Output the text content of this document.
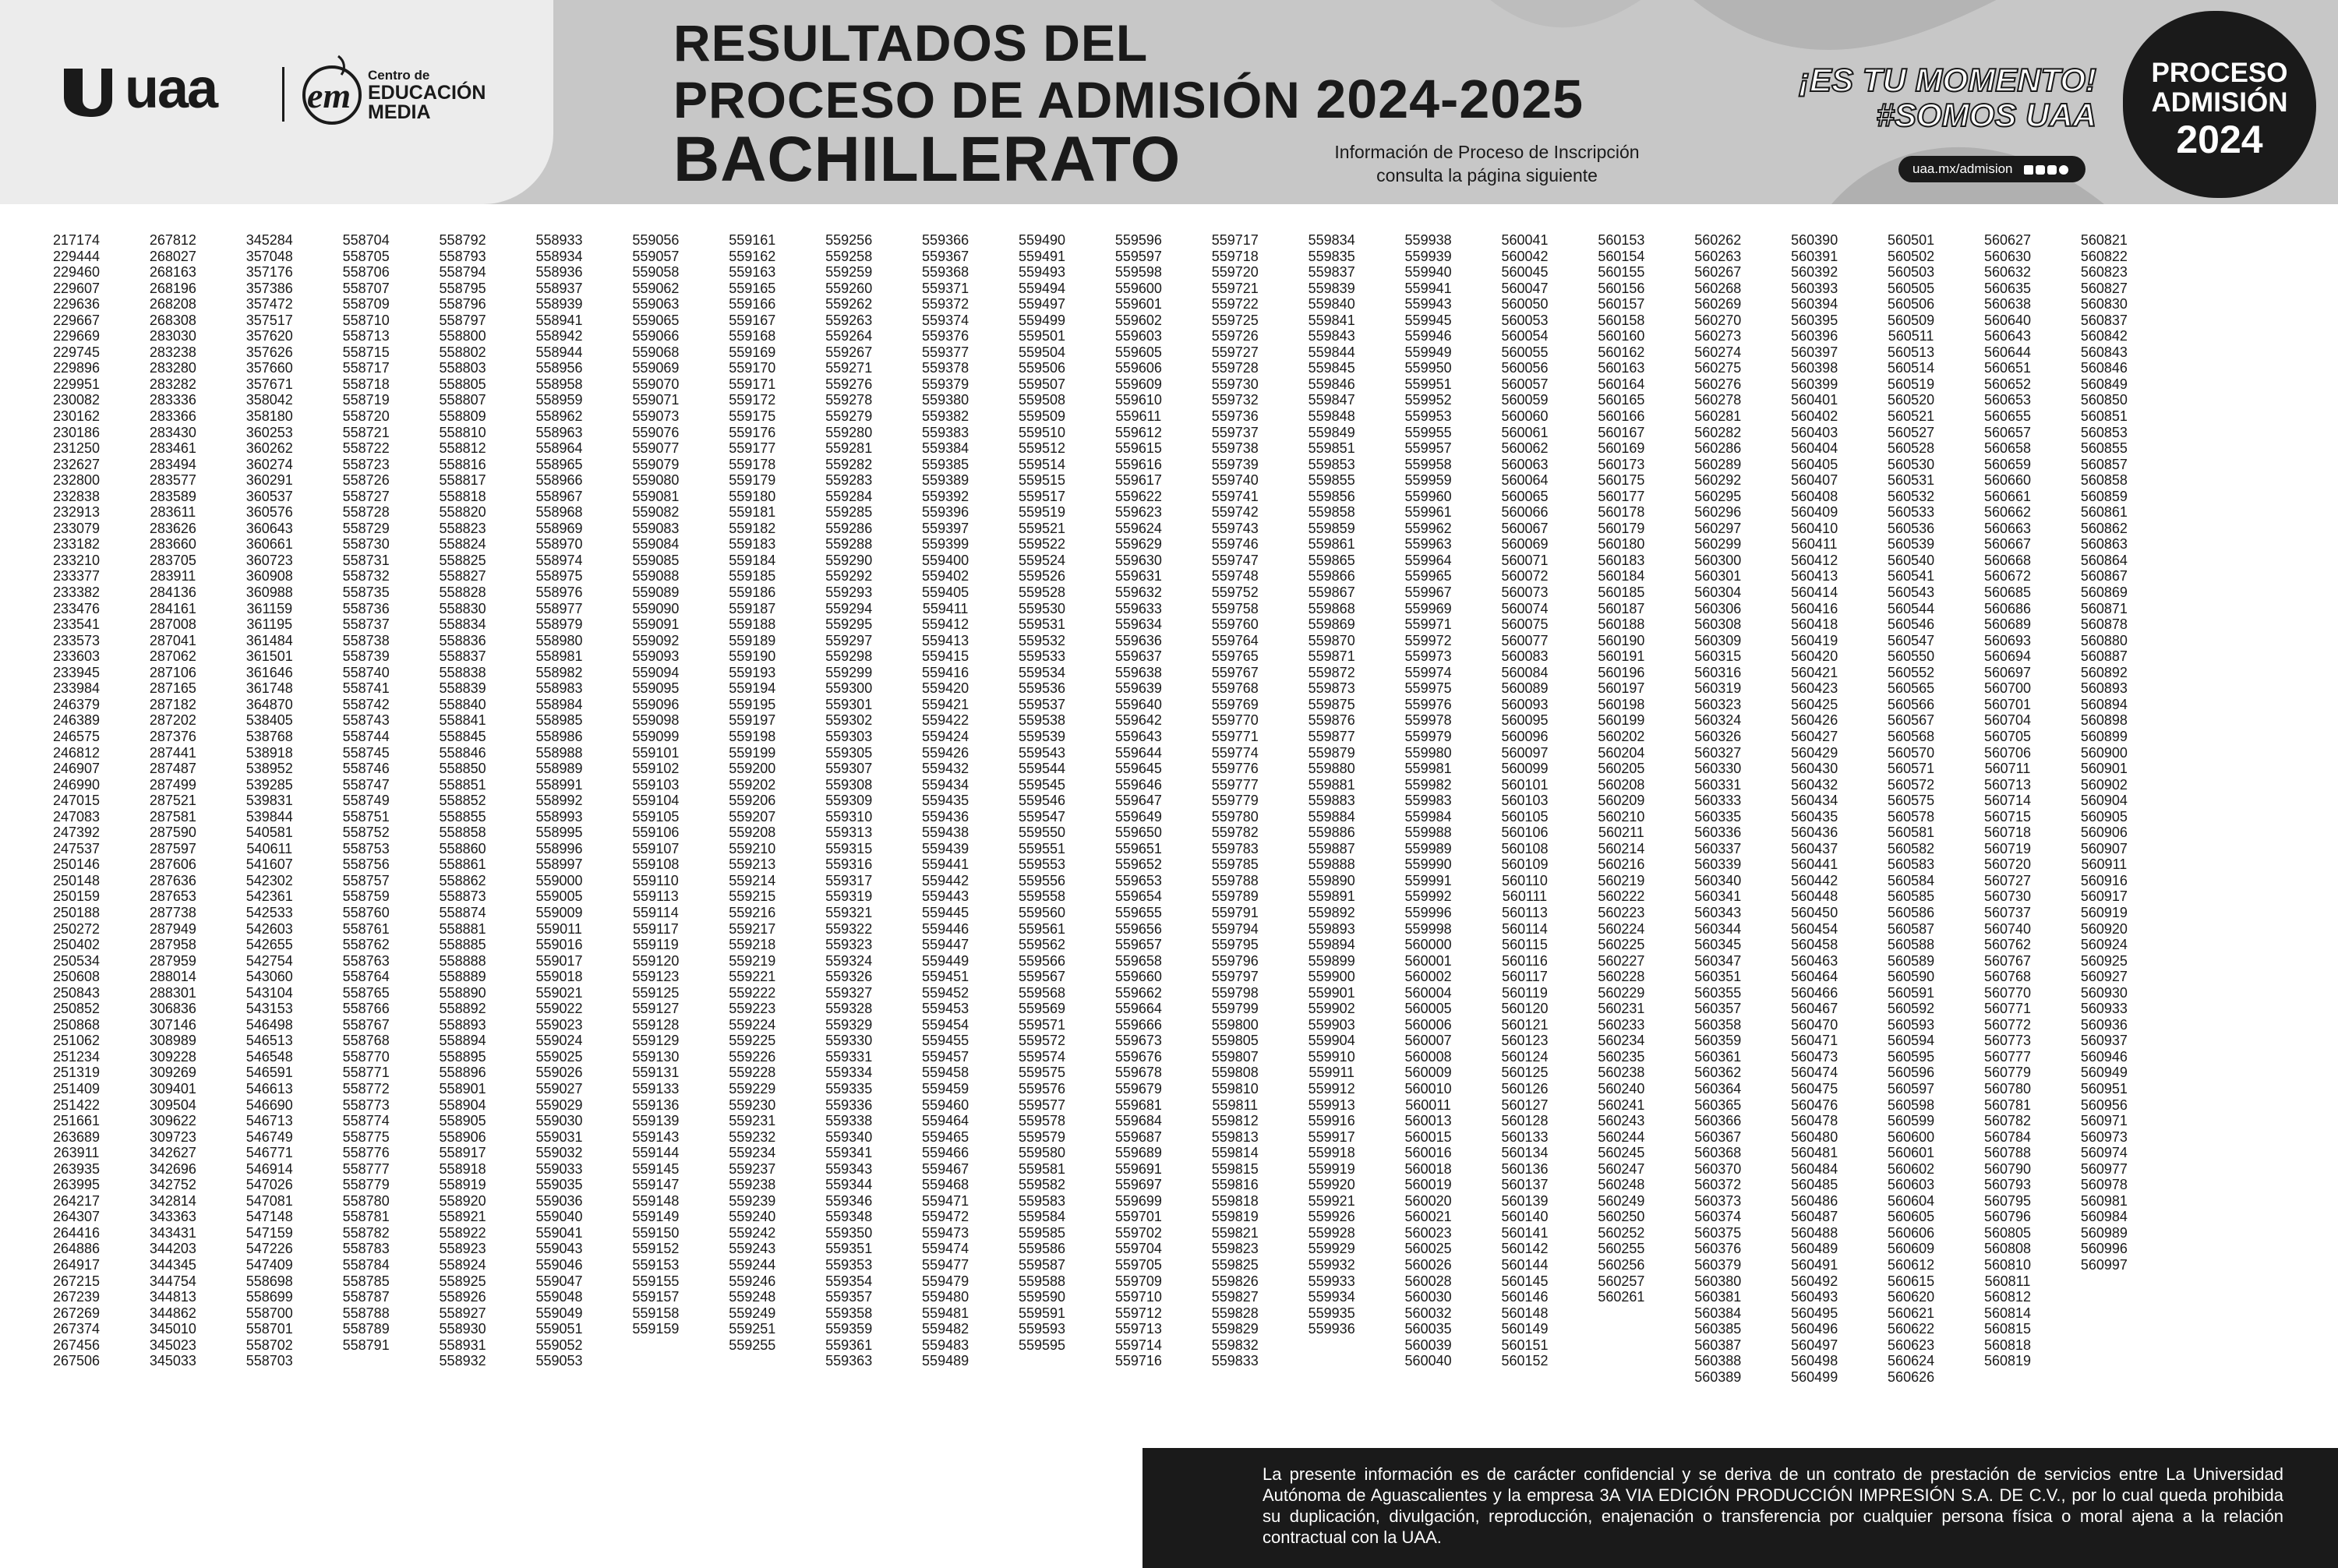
uaa	em
Centro de
EDUCACIÓN
MEDIA
RESULTADOS DEL
PROCESO DE ADMISIÓN 2024-2025
BACHILLERATO	Información de Proceso de Inscripción
consulta la página siguiente
¡ES TU MOMENTO!
#SOMOS UAA
uaa.mx/admision
PROCESO
ADMISIÓN
2024
217174
229444
229460
229607
229636
229667
229669
229745
229896
229951
230082
230162
230186
231250
232627
232800
232838
232913
233079
233182
233210
233377
233382
233476
233541
233573
233603
233945
233984
246379
246389
246575
246812
246907
246990
247015
247083
247392
247537
250146
250148
250159
250188
250272
250402
250534
250608
250843
250852
250868
251062
251234
251319
251409
251422
251661
263689
263911
263935
263995
264217
264307
264416
264886
264917
267215
267239
267269
267374
267456
267506
267812
268027
268163
268196
268208
268308
283030
283238
283280
283282
283336
283366
283430
283461
283494
283577
283589
283611
283626
283660
283705
283911
284136
284161
287008
287041
287062
287106
287165
287182
287202
287376
287441
287487
287499
287521
287581
287590
287597
287606
287636
287653
287738
287949
287958
287959
288014
288301
306836
307146
308989
309228
309269
309401
309504
309622
309723
342627
342696
342752
342814
343363
343431
344203
344345
344754
344813
344862
345010
345023
345033
345284
357048
357176
357386
357472
357517
357620
357626
357660
357671
358042
358180
360253
360262
360274
360291
360537
360576
360643
360661
360723
360908
360988
361159
361195
361484
361501
361646
361748
364870
538405
538768
538918
538952
539285
539831
539844
540581
540611
541607
542302
542361
542533
542603
542655
542754
543060
543104
543153
546498
546513
546548
546591
546613
546690
546713
546749
546771
546914
547026
547081
547148
547159
547226
547409
558698
558699
558700
558701
558702
558703
558704
558705
558706
558707
558709
558710
558713
558715
558717
558718
558719
558720
558721
558722
558723
558726
558727
558728
558729
558730
558731
558732
558735
558736
558737
558738
558739
558740
558741
558742
558743
558744
558745
558746
558747
558749
558751
558752
558753
558756
558757
558759
558760
558761
558762
558763
558764
558765
558766
558767
558768
558770
558771
558772
558773
558774
558775
558776
558777
558779
558780
558781
558782
558783
558784
558785
558787
558788
558789
558791
558792
558793
558794
558795
558796
558797
558800
558802
558803
558805
558807
558809
558810
558812
558816
558817
558818
558820
558823
558824
558825
558827
558828
558830
558834
558836
558837
558838
558839
558840
558841
558845
558846
558850
558851
558852
558855
558858
558860
558861
558862
558873
558874
558881
558885
558888
558889
558890
558892
558893
558894
558895
558896
558901
558904
558905
558906
558917
558918
558919
558920
558921
558922
558923
558924
558925
558926
558927
558930
558931
558932
558933
558934
558936
558937
558939
558941
558942
558944
558956
558958
558959
558962
558963
558964
558965
558966
558967
558968
558969
558970
558974
558975
558976
558977
558979
558980
558981
558982
558983
558984
558985
558986
558988
558989
558991
558992
558993
558995
558996
558997
559000
559005
559009
559011
559016
559017
559018
559021
559022
559023
559024
559025
559026
559027
559029
559030
559031
559032
559033
559035
559036
559040
559041
559043
559046
559047
559048
559049
559051
559052
559053
559056
559057
559058
559062
559063
559065
559066
559068
559069
559070
559071
559073
559076
559077
559079
559080
559081
559082
559083
559084
559085
559088
559089
559090
559091
559092
559093
559094
559095
559096
559098
559099
559101
559102
559103
559104
559105
559106
559107
559108
559110
559113
559114
559117
559119
559120
559123
559125
559127
559128
559129
559130
559131
559133
559136
559139
559143
559144
559145
559147
559148
559149
559150
559152
559153
559155
559157
559158
559159
559161
559162
559163
559165
559166
559167
559168
559169
559170
559171
559172
559175
559176
559177
559178
559179
559180
559181
559182
559183
559184
559185
559186
559187
559188
559189
559190
559193
559194
559195
559197
559198
559199
559200
559202
559206
559207
559208
559210
559213
559214
559215
559216
559217
559218
559219
559221
559222
559223
559224
559225
559226
559228
559229
559230
559231
559232
559234
559237
559238
559239
559240
559242
559243
559244
559246
559248
559249
559251
559255
559256
559258
559259
559260
559262
559263
559264
559267
559271
559276
559278
559279
559280
559281
559282
559283
559284
559285
559286
559288
559290
559292
559293
559294
559295
559297
559298
559299
559300
559301
559302
559303
559305
559307
559308
559309
559310
559313
559315
559316
559317
559319
559321
559322
559323
559324
559326
559327
559328
559329
559330
559331
559334
559335
559336
559338
559340
559341
559343
559344
559346
559348
559350
559351
559353
559354
559357
559358
559359
559361
559363
559366
559367
559368
559371
559372
559374
559376
559377
559378
559379
559380
559382
559383
559384
559385
559389
559392
559396
559397
559399
559400
559402
559405
559411
559412
559413
559415
559416
559420
559421
559422
559424
559426
559432
559434
559435
559436
559438
559439
559441
559442
559443
559445
559446
559447
559449
559451
559452
559453
559454
559455
559457
559458
559459
559460
559464
559465
559466
559467
559468
559471
559472
559473
559474
559477
559479
559480
559481
559482
559483
559489
559490
559491
559493
559494
559497
559499
559501
559504
559506
559507
559508
559509
559510
559512
559514
559515
559517
559519
559521
559522
559524
559526
559528
559530
559531
559532
559533
559534
559536
559537
559538
559539
559543
559544
559545
559546
559547
559550
559551
559553
559556
559558
559560
559561
559562
559566
559567
559568
559569
559571
559572
559574
559575
559576
559577
559578
559579
559580
559581
559582
559583
559584
559585
559586
559587
559588
559590
559591
559593
559595
559596
559597
559598
559600
559601
559602
559603
559605
559606
559609
559610
559611
559612
559615
559616
559617
559622
559623
559624
559629
559630
559631
559632
559633
559634
559636
559637
559638
559639
559640
559642
559643
559644
559645
559646
559647
559649
559650
559651
559652
559653
559654
559655
559656
559657
559658
559660
559662
559664
559666
559673
559676
559678
559679
559681
559684
559687
559689
559691
559697
559699
559701
559702
559704
559705
559709
559710
559712
559713
559714
559716
559717
559718
559720
559721
559722
559725
559726
559727
559728
559730
559732
559736
559737
559738
559739
559740
559741
559742
559743
559746
559747
559748
559752
559758
559760
559764
559765
559767
559768
559769
559770
559771
559774
559776
559777
559779
559780
559782
559783
559785
559788
559789
559791
559794
559795
559796
559797
559798
559799
559800
559805
559807
559808
559810
559811
559812
559813
559814
559815
559816
559818
559819
559821
559823
559825
559826
559827
559828
559829
559832
559833
559834
559835
559837
559839
559840
559841
559843
559844
559845
559846
559847
559848
559849
559851
559853
559855
559856
559858
559859
559861
559865
559866
559867
559868
559869
559870
559871
559872
559873
559875
559876
559877
559879
559880
559881
559883
559884
559886
559887
559888
559890
559891
559892
559893
559894
559899
559900
559901
559902
559903
559904
559910
559911
559912
559913
559916
559917
559918
559919
559920
559921
559926
559928
559929
559932
559933
559934
559935
559936
559938
559939
559940
559941
559943
559945
559946
559949
559950
559951
559952
559953
559955
559957
559958
559959
559960
559961
559962
559963
559964
559965
559967
559969
559971
559972
559973
559974
559975
559976
559978
559979
559980
559981
559982
559983
559984
559988
559989
559990
559991
559992
559996
559998
560000
560001
560002
560004
560005
560006
560007
560008
560009
560010
560011
560013
560015
560016
560018
560019
560020
560021
560023
560025
560026
560028
560030
560032
560035
560039
560040
560041
560042
560045
560047
560050
560053
560054
560055
560056
560057
560059
560060
560061
560062
560063
560064
560065
560066
560067
560069
560071
560072
560073
560074
560075
560077
560083
560084
560089
560093
560095
560096
560097
560099
560101
560103
560105
560106
560108
560109
560110
560111
560113
560114
560115
560116
560117
560119
560120
560121
560123
560124
560125
560126
560127
560128
560133
560134
560136
560137
560139
560140
560141
560142
560144
560145
560146
560148
560149
560151
560152
560153
560154
560155
560156
560157
560158
560160
560162
560163
560164
560165
560166
560167
560169
560173
560175
560177
560178
560179
560180
560183
560184
560185
560187
560188
560190
560191
560196
560197
560198
560199
560202
560204
560205
560208
560209
560210
560211
560214
560216
560219
560222
560223
560224
560225
560227
560228
560229
560231
560233
560234
560235
560238
560240
560241
560243
560244
560245
560247
560248
560249
560250
560252
560255
560256
560257
560261
560262
560263
560267
560268
560269
560270
560273
560274
560275
560276
560278
560281
560282
560286
560289
560292
560295
560296
560297
560299
560300
560301
560304
560306
560308
560309
560315
560316
560319
560323
560324
560326
560327
560330
560331
560333
560335
560336
560337
560339
560340
560341
560343
560344
560345
560347
560351
560355
560357
560358
560359
560361
560362
560364
560365
560366
560367
560368
560370
560372
560373
560374
560375
560376
560379
560380
560381
560384
560385
560387
560388
560389
560390
560391
560392
560393
560394
560395
560396
560397
560398
560399
560401
560402
560403
560404
560405
560407
560408
560409
560410
560411
560412
560413
560414
560416
560418
560419
560420
560421
560423
560425
560426
560427
560429
560430
560432
560434
560435
560436
560437
560441
560442
560448
560450
560454
560458
560463
560464
560466
560467
560470
560471
560473
560474
560475
560476
560478
560480
560481
560484
560485
560486
560487
560488
560489
560491
560492
560493
560495
560496
560497
560498
560499
560501
560502
560503
560505
560506
560509
560511
560513
560514
560519
560520
560521
560527
560528
560530
560531
560532
560533
560536
560539
560540
560541
560543
560544
560546
560547
560550
560552
560565
560566
560567
560568
560570
560571
560572
560575
560578
560581
560582
560583
560584
560585
560586
560587
560588
560589
560590
560591
560592
560593
560594
560595
560596
560597
560598
560599
560600
560601
560602
560603
560604
560605
560606
560609
560612
560615
560620
560621
560622
560623
560624
560626
560627
560630
560632
560635
560638
560640
560643
560644
560651
560652
560653
560655
560657
560658
560659
560660
560661
560662
560663
560667
560668
560672
560685
560686
560689
560693
560694
560697
560700
560701
560704
560705
560706
560711
560713
560714
560715
560718
560719
560720
560727
560730
560737
560740
560762
560767
560768
560770
560771
560772
560773
560777
560779
560780
560781
560782
560784
560788
560790
560793
560795
560796
560805
560808
560810
560811
560812
560814
560815
560818
560819
560821
560822
560823
560827
560830
560837
560842
560843
560846
560849
560850
560851
560853
560855
560857
560858
560859
560861
560862
560863
560864
560867
560869
560871
560878
560880
560887
560892
560893
560894
560898
560899
560900
560901
560902
560904
560905
560906
560907
560911
560916
560917
560919
560920
560924
560925
560927
560930
560933
560936
560937
560946
560949
560951
560956
560971
560973
560974
560977
560978
560981
560984
560989
560996
560997

La presente información es de carácter confidencial y se deriva de un contrato de prestación de servicios entre La Universidad Autónoma de Aguascalientes y la empresa 3A VIA EDICIÓN PRODUCCIÓN IMPRESIÓN S.A. DE C.V., por lo cual queda prohibida su duplicación, divulgación, reproducción, enajenación o transferencia por cualquier persona física o moral ajena a la relación contractual con la UAA.
